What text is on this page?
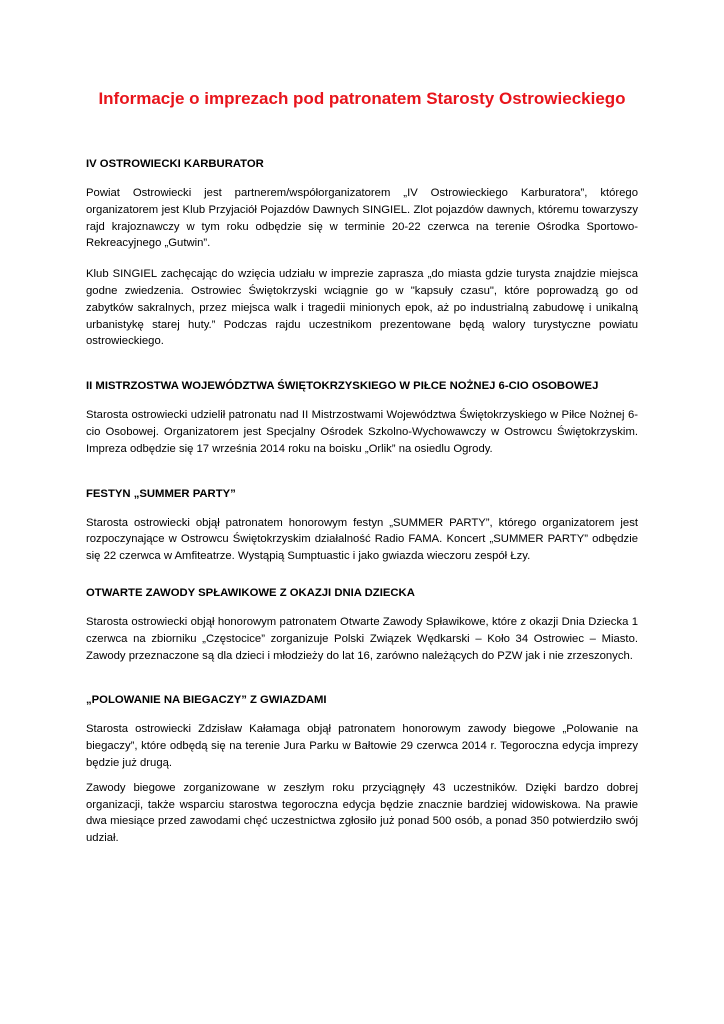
Informacje o imprezach pod patronatem Starosty Ostrowieckiego
IV OSTROWIECKI KARBURATOR

Powiat Ostrowiecki jest partnerem/współorganizatorem „IV Ostrowieckiego Karburatora”, którego organizatorem jest Klub Przyjaciół Pojazdów Dawnych SINGIEL. Zlot pojazdów dawnych, któremu towarzyszy rajd krajoznawczy w tym roku odbędzie się w terminie 20-22 czerwca na terenie Ośrodka Sportowo-Rekreacyjnego „Gutwin”.

Klub SINGIEL zachęcając do wzięcia udziału w imprezie zaprasza „do miasta gdzie turysta znajdzie miejsca godne zwiedzenia. Ostrowiec Świętokrzyski wciągnie go w "kapsuły czasu", które poprowadzą go od zabytków sakralnych, przez miejsca walk i tragedii minionych epok, aż po industrialną zabudowę i unikalną urbanistykę starej huty.” Podczas rajdu uczestnikom prezentowane będą walory turystyczne powiatu ostrowieckiego.

II MISTRZOSTWA WOJEWÓDZTWA ŚWIĘTOKRZYSKIEGO W PIŁCE NOŻNEJ 6-CIO OSOBOWEJ

Starosta ostrowiecki udzielił patronatu nad II Mistrzostwami Województwa Świętokrzyskiego w Piłce Nożnej 6-cio Osobowej. Organizatorem jest Specjalny Ośrodek Szkolno-Wychowawczy w Ostrowcu Świętokrzyskim. Impreza odbędzie się 17 września 2014 roku na boisku „Orlik” na osiedlu Ogrody.

FESTYN „SUMMER PARTY”

Starosta ostrowiecki objął patronatem honorowym festyn „SUMMER PARTY”, którego organizatorem jest rozpoczynające w Ostrowcu Świętokrzyskim działalność Radio FAMA. Koncert „SUMMER PARTY” odbędzie się 22 czerwca w Amfiteatrze. Wystąpią Sumptuastic i jako gwiazda wieczoru zespół Łzy.

OTWARTE ZAWODY SPŁAWIKOWE Z OKAZJI DNIA DZIECKA

Starosta ostrowiecki objął honorowym patronatem Otwarte Zawody Spławikowe, które z okazji Dnia Dziecka 1 czerwca na zbiorniku „Częstocice” zorganizuje Polski Związek Wędkarski – Koło 34 Ostrowiec – Miasto. Zawody przeznaczone są dla dzieci i młodzieży do lat 16, zarówno należących do PZW jak i nie zrzeszonych.

„POLOWANIE NA BIEGACZY” Z GWIAZDAMI

Starosta ostrowiecki Zdzisław Kałamaga objął patronatem honorowym zawody biegowe „Polowanie na biegaczy”, które odbędą się na terenie Jura Parku w Bałtowie 29 czerwca 2014 r. Tegoroczna edycja imprezy będzie już drugą.

Zawody biegowe zorganizowane w zeszłym roku przyciągnęły 43 uczestników. Dzięki bardzo dobrej organizacji, także wsparciu starostwa tegoroczna edycja będzie znacznie bardziej widowiskowa. Na prawie dwa miesiące przed zawodami chęć uczestnictwa zgłosiło już ponad 500 osób, a ponad 350 potwierdziło swój udział.
